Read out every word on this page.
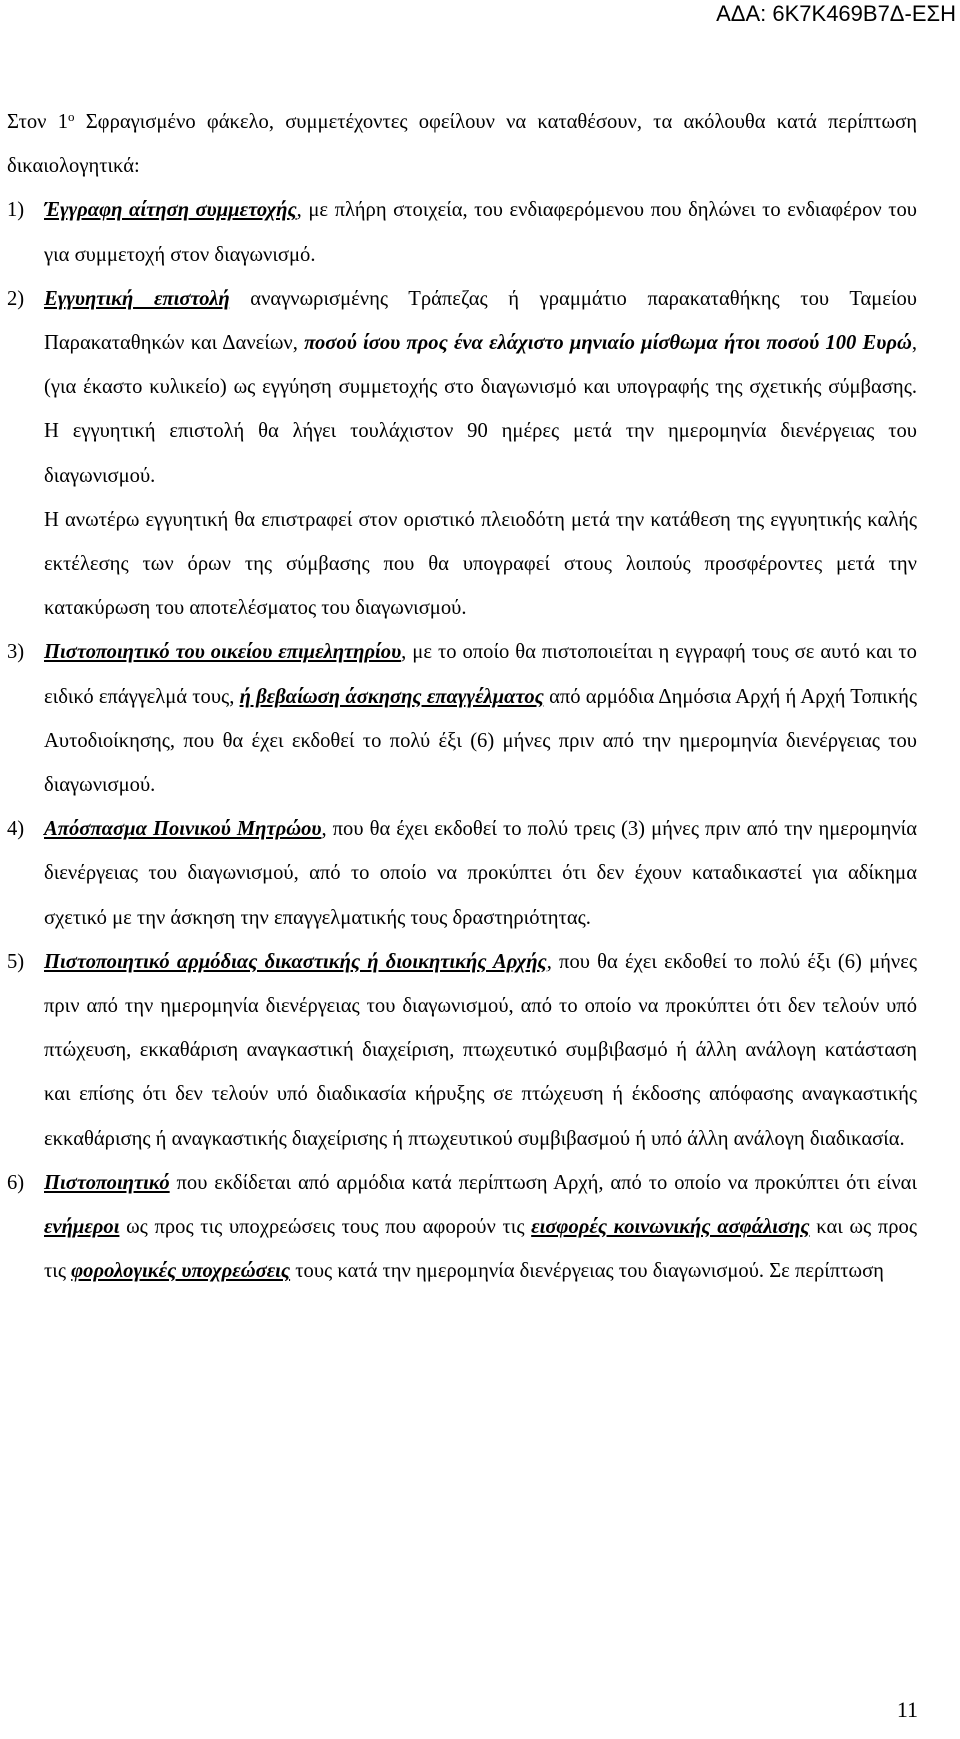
ΑΔΑ: 6Κ7Κ469Β7Δ-ΕΣΗ

Στον $1^o$ Σφραγισμένο φάκελο, συμμετέχοντες οφείλουν να καταθέσουν, τα ακόλουθα κατά περίπτωση δικαιολογητικά:

1) Έγγραφη αίτηση συμμετοχής, με πλήρη στοιχεία, του ενδιαφερόμενου που δηλώνει το ενδιαφέρον του για συμμετοχή στον διαγωνισμό.
2) Εγγυητική επιστολή αναγνωρισμένης Τράπεζας ή γραμμάτιο παρακαταθήκης του Ταμείου Παρακαταθηκών και Δανείων, ποσού ίσου προς ένα ελάχιστο μηνιαίο μίσθωμα ήτοι ποσού 100 Ευρώ,(για έκαστο κυλικείο) ως εγγύηση συμμετοχής στο διαγωνισμό και υπογραφής της σχετικής σύμβασης. Η εγγυητική επιστολή θα λήγει τουλάχιστον 90 ημέρες μετά την ημερομηνία διενέργειας του διαγωνισμού.

Η ανωτέρω εγγυητική θα επιστραφεί στον οριστικό πλειοδότη μετά την κατάθεση της εγγυητικής καλής εκτέλεσης των όρων της σύμβασης που θα υπογραφεί στους λοιπούς προσφέροντες μετά την κατακύρωση του αποτελέσματος του διαγωνισμού.

3) Πιστοποιητικό του οικείου επιμελητηρίου, με το οποίο θα πιστοποιείται η εγγραφή τους σε αυτό και το ειδικό επάγγελμά τους, ή βεβαίωση άσκησης επαγγέλματος από αρμόδια Δημόσια Αρχή ή Αρχή Τοπικής Αυτοδιοίκησης, που θα έχει εκδοθεί το πολύ έξι (6) μήνες πριν από την ημερομηνία διενέργειας του διαγωνισμού.
4) Απόσπασμα Ποινικού Μητρώου, που θα έχει εκδοθεί το πολύ τρεις (3) μήνες πριν από την ημερομηνία διενέργειας του διαγωνισμού, από το οποίο να προκύπτει ότι δεν έχουν καταδικαστεί για αδίκημα σχετικό με την άσκηση την επαγγελματικής τους δραστηριότητας.
5) Πιστοποιητικό αρμόδιας δικαστικής ή διοικητικής Αρχής, που θα έχει εκδοθεί το πολύ έξι (6) μήνες πριν από την ημερομηνία διενέργειας του διαγωνισμού, από το οποίο να προκύπτει ότι δεν τελούν υπό πτώχευση, εκκαθάριση αναγκαστική διαχείριση, πτωχευτικό συμβιβασμό ή άλλη ανάλογη κατάσταση και επίσης ότι δεν τελούν υπό διαδικασία κήρυξης σε πτώχευση ή έκδοσης απόφασης αναγκαστικής εκκαθάρισης ή αναγκαστικής διαχείρισης ή πτωχευτικού συμβιβασμού ή υπό άλλη ανάλογη διαδικασία.
6) Πιστοποιητικό που εκδίδεται από αρμόδια κατά περίπτωση Αρχή, από το οποίο να προκύπτει ότι είναι ενήμεροι ως προς τις υποχρεώσεις τους που αφορούν τις εισφορές κοινωνικής ασφάλισης και ως προς τις φορολογικές υποχρεώσεις τους κατά την ημερομηνία διενέργειας του διαγωνισμού. Σε περίπτωση
11
